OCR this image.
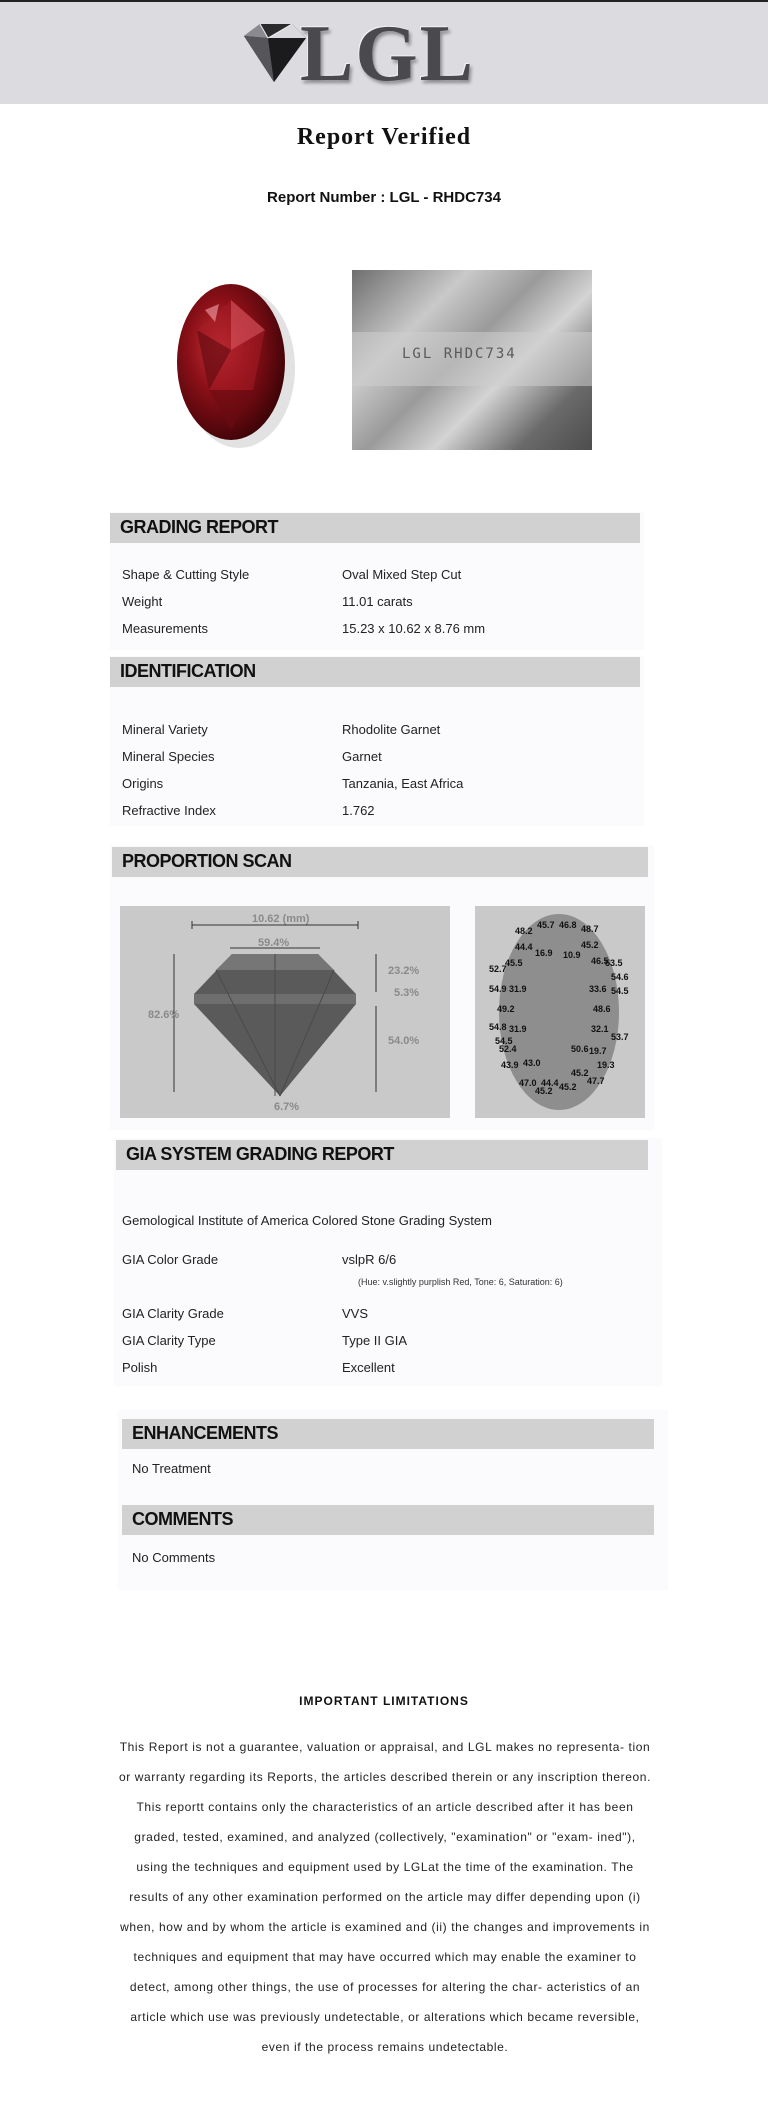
LGL
Report Verified
Report Number : LGL - RHDC734
LGL RHDC734
GRADING REPORT
Shape & Cutting Style	Oval Mixed Step Cut
Weight	11.01 carats
Measurements	15.23 x 10.62 x 8.76 mm
IDENTIFICATION
Mineral Variety	Rhodolite Garnet
Mineral Species	Garnet
Origins	Tanzania, East Africa
Refractive Index	1.762
PROPORTION SCAN
10.62 (mm)
59.4%
82.6%
23.2%
5.3%
54.0%
6.7%
48.2
45.7 46.8 48.7
44.4
16.9 10.9
45.2
45.5	46.5
53.5
52.7
54.6
54.9 31.9	33.6 54.5
49.2	48.6
54.8 31.9	32.1
54.5	53.7
52.4	50.6 19.7
43.9 43.0	19.3
45.2
47.0 44.4 45.2
47.7
45.2
GIA SYSTEM GRADING REPORT
Gemological Institute of America Colored Stone Grading System
GIA Color Grade	vslpR 6/6
(Hue: v.slightly purplish Red, Tone: 6, Saturation: 6)
GIA Clarity Grade	VVS
GIA Clarity Type	Type II GIA
Polish	Excellent
ENHANCEMENTS
No Treatment
COMMENTS
No Comments
IMPORTANT LIMITATIONS
This Report is not a guarantee, valuation or appraisal, and LGL makes no representa- tion or warranty regarding its Reports, the articles described therein or any inscription thereon. This reportt contains only the characteristics of an article described after it has been graded, tested, examined, and analyzed (collectively, "examination" or "exam- ined"), using the techniques and equipment used by LGLat the time of the examination. The results of any other examination performed on the article may differ depending upon (i) when, how and by whom the article is examined and (ii) the changes and improvements in techniques and equipment that may have occurred which may enable the examiner to detect, among other things, the use of processes for altering the char- acteristics of an article which use was previously undetectable, or alterations which became reversible, even if the process remains undetectable.
